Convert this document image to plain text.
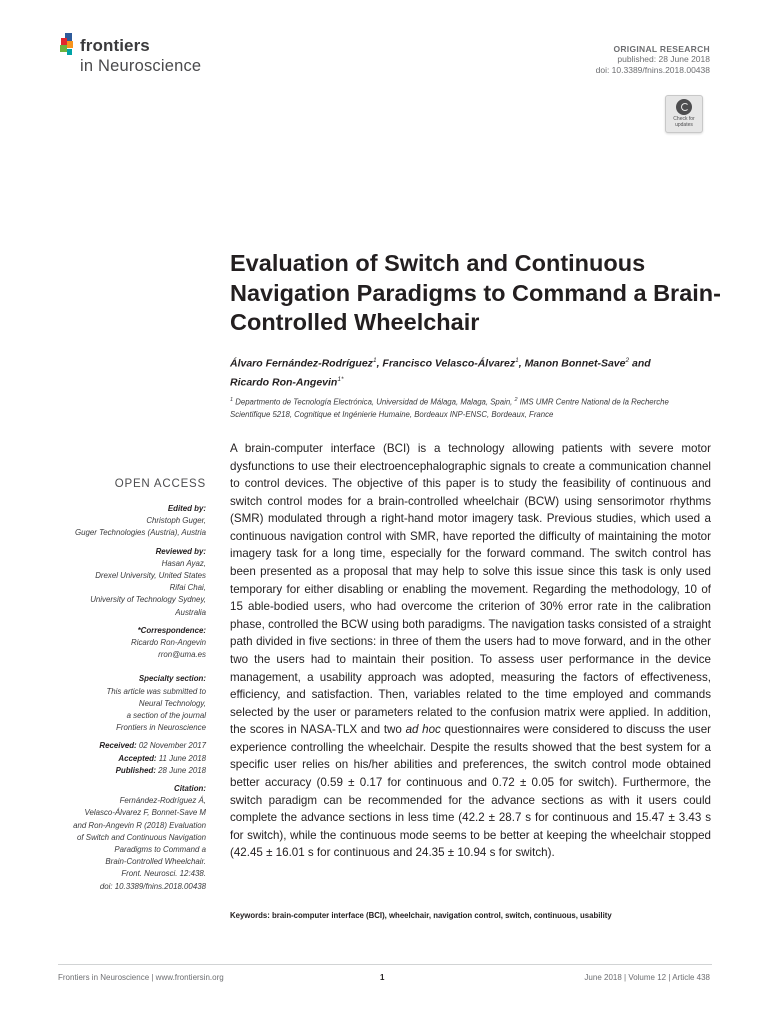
frontiers
in Neuroscience
ORIGINAL RESEARCH
published: 28 June 2018
doi: 10.3389/fnins.2018.00438
Check for updates
Evaluation of Switch and Continuous Navigation Paradigms to Command a Brain-Controlled Wheelchair
Álvaro Fernández-Rodríguez$^1$, Francisco Velasco-Álvarez$^1$, Manon Bonnet-Save$^2$ and
Ricardo Ron-Angevin$^{1*}$
$^1$ Departmento de Tecnología Electrónica, Universidad de Málaga, Malaga, Spain, $^2$ IMS UMR Centre National de la Recherche Scientifique 5218, Cognitique et Ingénierie Humaine, Bordeaux INP-ENSC, Bordeaux, France
OPEN ACCESS
Edited by:
Christoph Guger,
Guger Technologies (Austria), Austria
Reviewed by:
Hasan Ayaz,
Drexel University, United States
Rifai Chai,
University of Technology Sydney,
Australia
*Correspondence:
Ricardo Ron-Angevin
rron@uma.es
Specialty section:
This article was submitted to
Neural Technology,
a section of the journal
Frontiers in Neuroscience
Received: 02 November 2017
Accepted: 11 June 2018
Published: 28 June 2018
Citation:
Fernández-Rodríguez Á,
Velasco-Álvarez F, Bonnet-Save M
and Ron-Angevin R (2018) Evaluation
of Switch and Continuous Navigation
Paradigms to Command a
Brain-Controlled Wheelchair.
Front. Neurosci. 12:438.
doi: 10.3389/fnins.2018.00438

A brain-computer interface (BCI) is a technology allowing patients with severe motor dysfunctions to use their electroencephalographic signals to create a communication channel to control devices. The objective of this paper is to study the feasibility of continuous and switch control modes for a brain-controlled wheelchair (BCW) using sensorimotor rhythms (SMR) modulated through a right-hand motor imagery task. Previous studies, which used a continuous navigation control with SMR, have reported the difficulty of maintaining the motor imagery task for a long time, especially for the forward command. The switch control has been presented as a proposal that may help to solve this issue since this task is only used temporary for either disabling or enabling the movement. Regarding the methodology, 10 of 15 able-bodied users, who had overcome the criterion of 30% error rate in the calibration phase, controlled the BCW using both paradigms. The navigation tasks consisted of a straight path divided in five sections: in three of them the users had to move forward, and in the other two the users had to maintain their position. To assess user performance in the device management, a usability approach was adopted, measuring the factors of effectiveness, efficiency, and satisfaction. Then, variables related to the time employed and commands selected by the user or parameters related to the confusion matrix were applied. In addition, the scores in NASA-TLX and two ad hoc questionnaires were considered to discuss the user experience controlling the wheelchair. Despite the results showed that the best system for a specific user relies on his/her abilities and preferences, the switch control mode obtained better accuracy (0.59 ± 0.17 for continuous and 0.72 ± 0.05 for switch). Furthermore, the switch paradigm can be recommended for the advance sections as with it users could complete the advance sections in less time (42.2 ± 28.7 s for continuous and 15.47 ± 3.43 s for switch), while the continuous mode seems to be better at keeping the wheelchair stopped (42.45 ± 16.01 s for continuous and 24.35 ± 10.94 s for switch).

Keywords: brain-computer interface (BCI), wheelchair, navigation control, switch, continuous, usability
Frontiers in Neuroscience | www.frontiersin.org	1	June 2018 | Volume 12 | Article 438
